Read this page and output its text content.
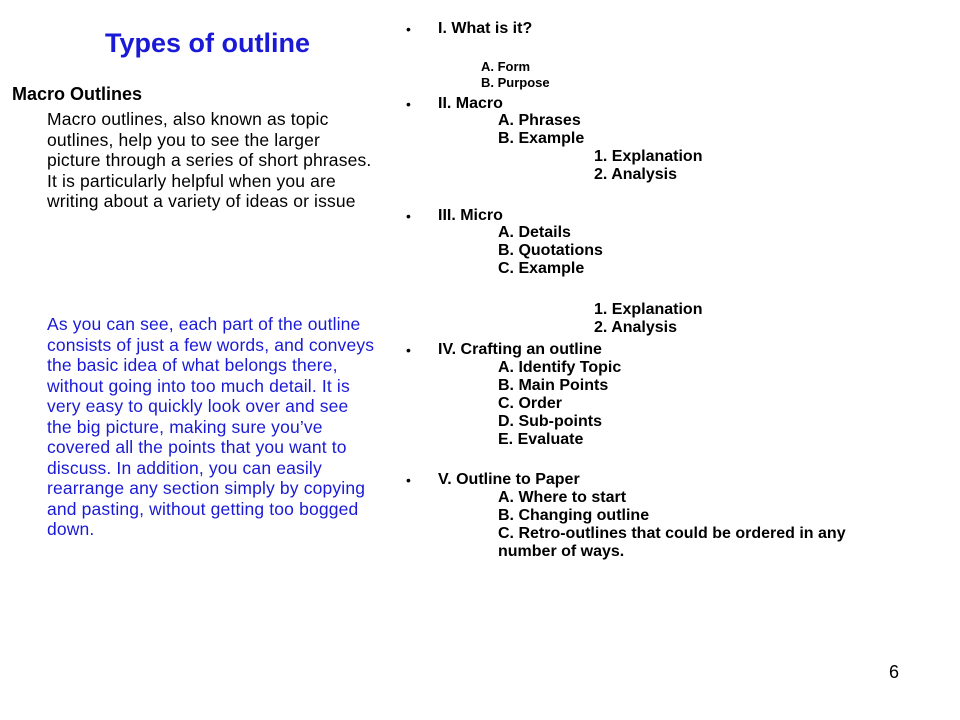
Types of outline
Macro Outlines
Macro outlines, also known as topic outlines, help you to see the larger picture through a series of short phrases. It is particularly helpful when you are writing about a variety of ideas or issue
As you can see, each part of the outline consists of just a few words, and conveys the basic idea of what belongs there, without going into too much detail. It is very easy to quickly look over and see the big picture, making sure you’ve covered all the points that you want to discuss. In addition, you can easily rearrange any section simply by copying and pasting, without getting too bogged down.
• I. What is it?
A. Form
B. Purpose
• II. Macro
A. Phrases
B. Example
1. Explanation
2. Analysis
• III. Micro
A. Details
B. Quotations
C. Example
1. Explanation
2. Analysis
• IV. Crafting an outline
A. Identify Topic
B. Main Points
C. Order
D. Sub-points
E. Evaluate
• V. Outline to Paper
A. Where to start
B. Changing outline
C. Retro-outlines that could be ordered in any
number of ways.
6
